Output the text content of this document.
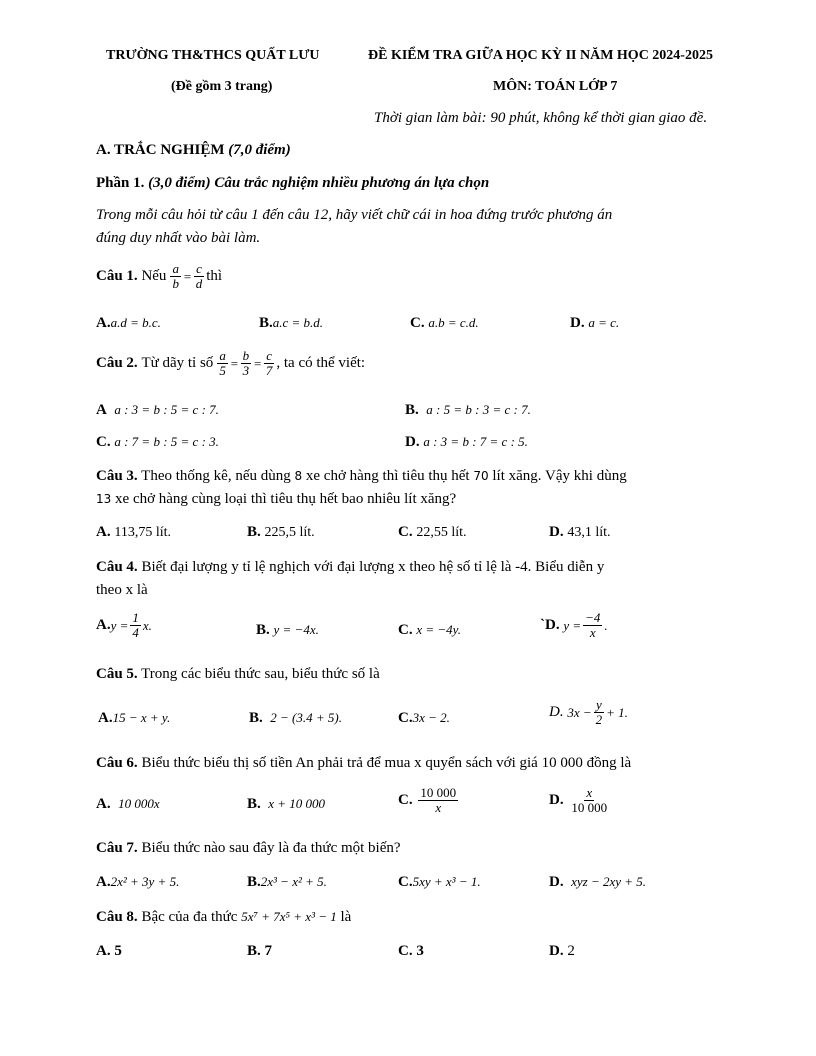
TRƯỜNG TH&THCS QUẤT LƯU	ĐỀ KIỂM TRA GIỮA HỌC KỲ II NĂM HỌC 2024-2025
(Đề gồm 3 trang)	MÔN: TOÁN LỚP 7
Thời gian làm bài: 90 phút, không kể thời gian giao đề.
A. TRẮC NGHIỆM (7,0 điểm)
Phần 1. (3,0 điểm) Câu trắc nghiệm nhiều phương án lựa chọn
Trong mỗi câu hỏi từ câu 1 đến câu 12, hãy viết chữ cái in hoa đứng trước phương án
đúng duy nhất vào bài làm.
Câu 1.
Nếu $\frac{a}{b} = \frac{c}{d}$ thì
A.a.d = b.c.	B.a.c = b.d.	C. a.b = c.d.	D. a = c.
Câu 2.
Từ dãy tỉ số $\frac{a}{5} = \frac{b}{3} = \frac{c}{7}$ , ta có thể viết:
A a : 3 = b : 5 = c : 7.	B. a : 5 = b : 3 = c : 7.
C. a : 7 = b : 5 = c : 3.	D. a : 3 = b : 7 = c : 5.
Câu 3. Theo thống kê, nếu dùng 8 xe chở hàng thì tiêu thụ hết 70 lít xăng. Vậy khi dùng
13 xe chở hàng cùng loại thì tiêu thụ hết bao nhiêu lít xăng?
A. 113,75 lít.	B. 225,5 lít.	C. 22,55 lít.	D. 43,1 lít.
Câu 4. Biết đại lượng y tỉ lệ nghịch với đại lượng x theo hệ số tỉ lệ là -4. Biểu diễn y
theo x là
A. $y = \frac{1}{4} x$.	B. y = −4x.	C. x = −4y.	`D.
$y = \frac{-4}{x}$ .
Câu 5. Trong các biểu thức sau, biểu thức số là
A.15 − x + y.	B. 2 − (3.4 + 5).	C.3x − 2.	D.
$3x - \frac{y}{2} + 1$.
Câu 6. Biểu thức biểu thị số tiền An phải trả để mua x quyển sách với giá 10 000 đồng là
A. 10 000x	B. x + 10 000	C.
$\frac{10 000}{x}$	D.
$\frac{x}{10 000}$
Câu 7. Biểu thức nào sau đây là đa thức một biến?
A.2x² + 3y + 5.	B.2x³ − x² + 5.	C.5xy + x³ − 1.	D. xyz − 2xy + 5.
Câu 8. Bậc của đa thức 5x⁷ + 7x⁵ + x³ − 1 là
A. 5	B. 7	C. 3	D. 2
